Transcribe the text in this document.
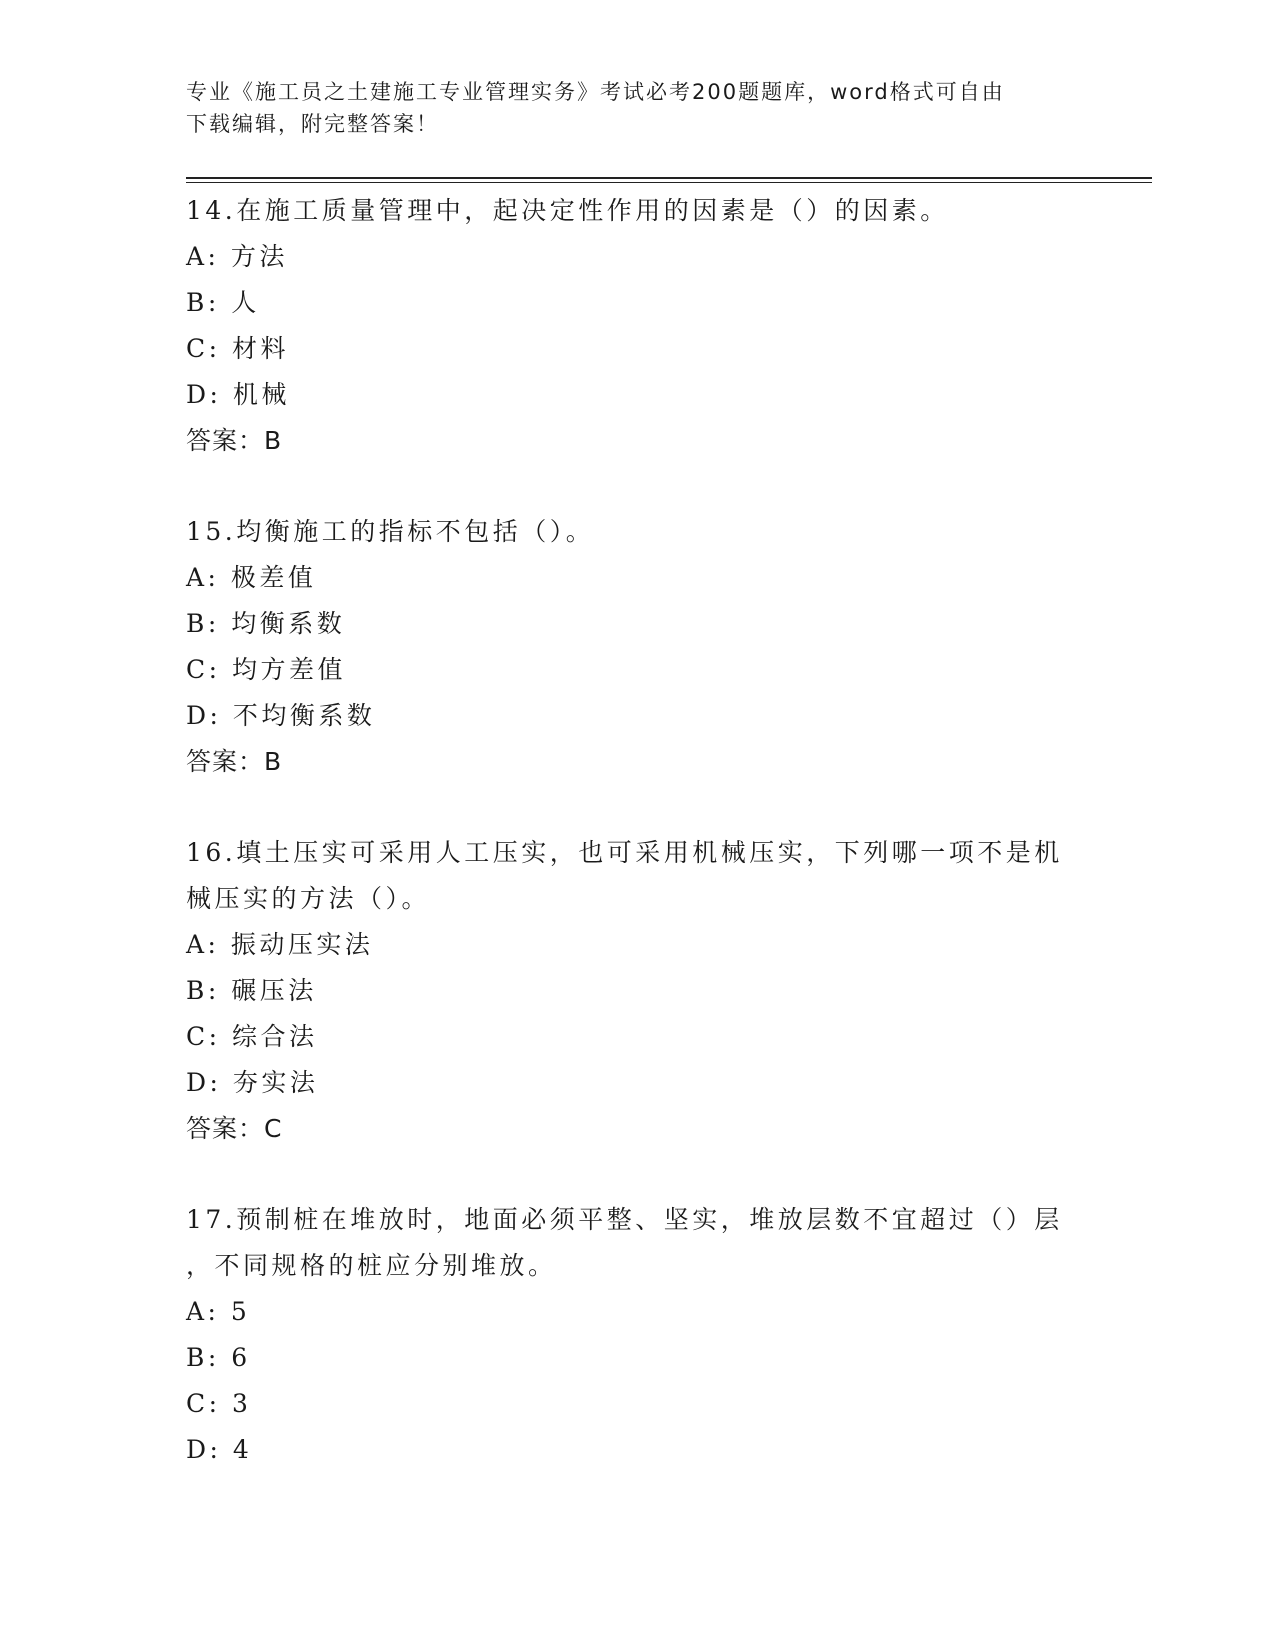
专业《施工员之土建施工专业管理实务》考试必考200题题库，word格式可自由
下载编辑，附完整答案！

14.在施工质量管理中，起决定性作用的因素是（）的因素。

A: 方法

B: 人

C: 材料

D: 机械

答案：B

15.均衡施工的指标不包括（）。

A: 极差值

B: 均衡系数

C: 均方差值

D: 不均衡系数

答案：B

16.填土压实可采用人工压实，也可采用机械压实，下列哪一项不是机

械压实的方法（）。

A: 振动压实法

B: 碾压法

C: 综合法

D: 夯实法

答案：C

17.预制桩在堆放时，地面必须平整、坚实，堆放层数不宜超过（）层

，不同规格的桩应分别堆放。

A: 5

B: 6

C: 3

D: 4
